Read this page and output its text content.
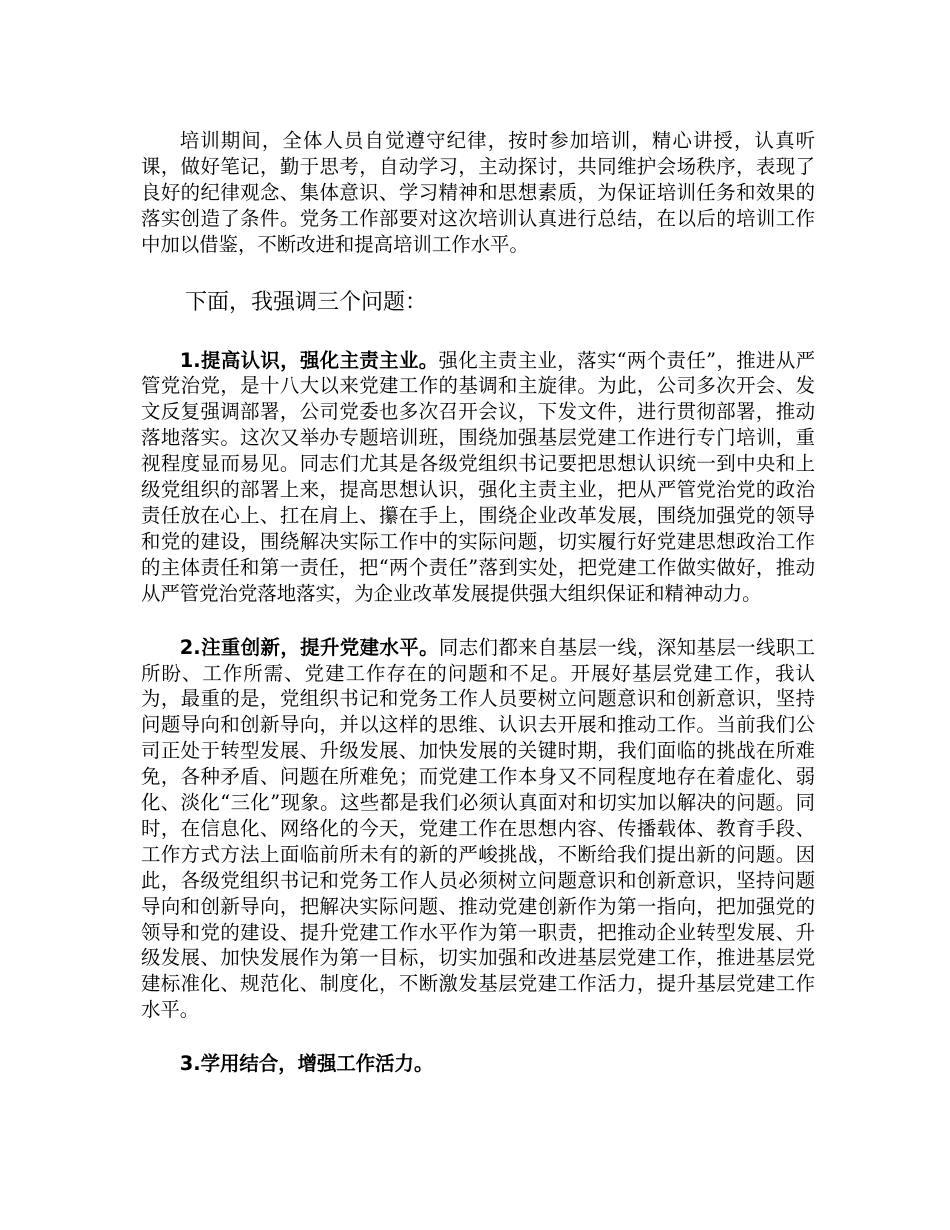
培训期间，全体人员自觉遵守纪律，按时参加培训，精心讲授，认真听课，做好笔记，勤于思考，自动学习，主动探讨，共同维护会场秩序，表现了良好的纪律观念、集体意识、学习精神和思想素质，为保证培训任务和效果的落实创造了条件。党务工作部要对这次培训认真进行总结，在以后的培训工作中加以借鉴，不断改进和提高培训工作水平。

下面，我强调三个问题：

1.提高认识，强化主责主业。强化主责主业，落实“两个责任”，推进从严管党治党，是十八大以来党建工作的基调和主旋律。为此，公司多次开会、发文反复强调部署，公司党委也多次召开会议，下发文件，进行贯彻部署，推动落地落实。这次又举办专题培训班，围绕加强基层党建工作进行专门培训，重视程度显而易见。同志们尤其是各级党组织书记要把思想认识统一到中央和上级党组织的部署上来，提高思想认识，强化主责主业，把从严管党治党的政治责任放在心上、扛在肩上、攥在手上，围绕企业改革发展，围绕加强党的领导和党的建设，围绕解决实际工作中的实际问题，切实履行好党建思想政治工作的主体责任和第一责任，把“两个责任”落到实处，把党建工作做实做好，推动从严管党治党落地落实，为企业改革发展提供强大组织保证和精神动力。

2.注重创新，提升党建水平。同志们都来自基层一线，深知基层一线职工所盼、工作所需、党建工作存在的问题和不足。开展好基层党建工作，我认为，最重的是，党组织书记和党务工作人员要树立问题意识和创新意识，坚持问题导向和创新导向，并以这样的思维、认识去开展和推动工作。当前我们公司正处于转型发展、升级发展、加快发展的关键时期，我们面临的挑战在所难免，各种矛盾、问题在所难免；而党建工作本身又不同程度地存在着虚化、弱化、淡化“三化”现象。这些都是我们必须认真面对和切实加以解决的问题。同时，在信息化、网络化的今天，党建工作在思想内容、传播载体、教育手段、工作方式方法上面临前所未有的新的严峻挑战，不断给我们提出新的问题。因此，各级党组织书记和党务工作人员必须树立问题意识和创新意识，坚持问题导向和创新导向，把解决实际问题、推动党建创新作为第一指向，把加强党的领导和党的建设、提升党建工作水平作为第一职责，把推动企业转型发展、升级发展、加快发展作为第一目标，切实加强和改进基层党建工作，推进基层党建标准化、规范化、制度化，不断激发基层党建工作活力，提升基层党建工作水平。

3.学用结合，增强工作活力。
